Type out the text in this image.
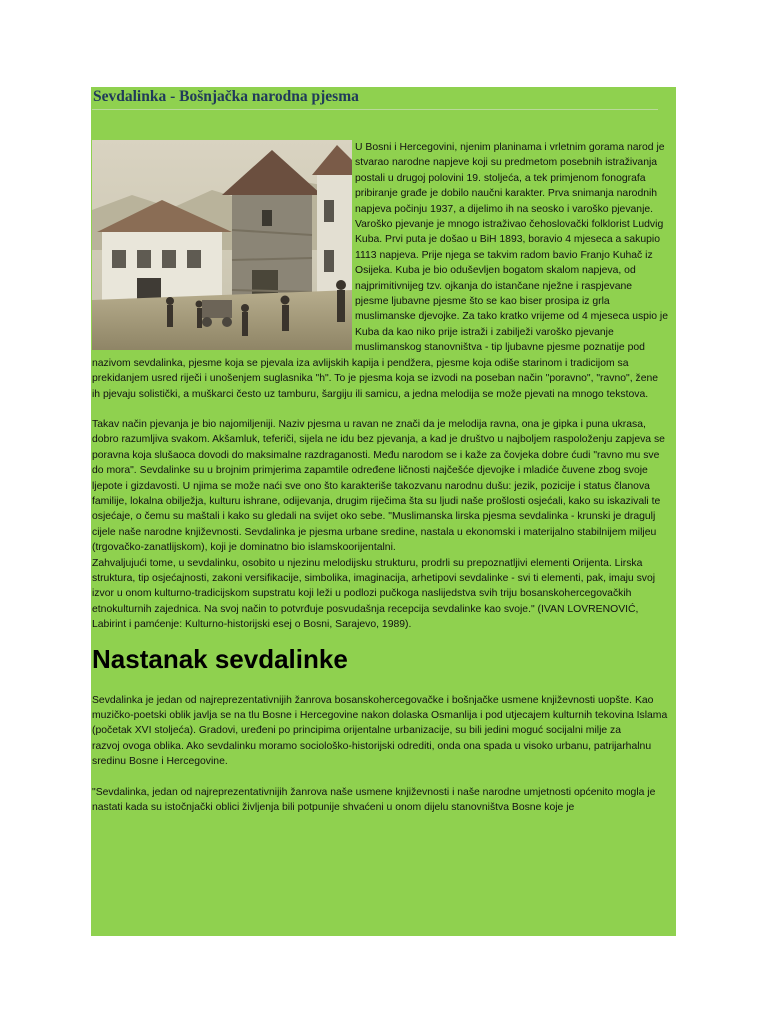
Sevdalinka - Bošnjačka narodna pjesma

U Bosni i Hercegovini, njenim planinama i vrletnim gorama narod je stvarao narodne napjeve koji su predmetom posebnih istraživanja postali u drugoj polovini 19. stoljeća, a tek primjenom fonografa pribiranje građe je dobilo naučni karakter. Prva snimanja narodnih napjeva počinju 1937, a dijelimo ih na seosko i varoško pjevanje. Varoško pjevanje je mnogo istraživao čehoslovački folklorist Ludvig Kuba. Prvi puta je došao u BiH 1893, boravio 4 mjeseca a sakupio 1113 napjeva. Prije njega se takvim radom bavio Franjo Kuhač iz Osijeka. Kuba je bio oduševljen bogatom skalom napjeva, od najprimitivnijeg tzv. ojkanja do istančane nježne i raspjevane pjesme ljubavne pjesme što se kao biser prosipa iz grla muslimanske djevojke. Za tako kratko vrijeme od 4 mjeseca uspio je Kuba da kao niko prije istraži i zabilježi varoško pjevanje muslimanskog stanovništva - tip ljubavne pjesme poznatije pod nazivom sevdalinka, pjesme koja se pjevala iza avlijskih kapija i pendžera, pjesme koja odiše starinom i tradicijom sa prekidanjem usred riječi i unošenjem suglasnika "h". To je pjesma koja se izvodi na poseban način "poravno", "ravno", žene ih pjevaju solistički, a muškarci često uz tamburu, šargiju ili samicu, a jedna melodija se može pjevati na mnogo tekstova.

Takav način pjevanja je bio najomiljeniji. Naziv pjesma u ravan ne znači da je melodija ravna, ona je gipka i puna ukrasa, dobro razumljiva svakom. Akšamluk, teferiči, sijela ne idu bez pjevanja, a kad je društvo u najboljem raspoloženju zapjeva se poravna koja slušaoca dovodi do maksimalne razdraganosti. Među narodom se i kaže za čovjeka dobre ćudi "ravno mu sve do mora". Sevdalinke su u brojnim primjerima zapamtile određene ličnosti najčešće djevojke i mladiće čuvene zbog svoje ljepote i gizdavosti. U njima se može naći sve ono što karakteriše takozvanu narodnu dušu: jezik, pozicije i status članova familije, lokalna obilježja, kulturu ishrane, odijevanja, drugim riječima šta su ljudi naše prošlosti osjećali, kako su iskazivali te osjećaje, o čemu su maštali i kako su gledali na svijet oko sebe. "Muslimanska lirska pjesma sevdalinka - krunski je dragulj cijele naše narodne književnosti. Sevdalinka je pjesma urbane sredine, nastala u ekonomski i materijalno stabilnijem miljeu (trgovačko-zanatlijskom), koji je dominatno bio islamskoorijentalni.

Zahvaljujući tome, u sevdalinku, osobito u njezinu melodijsku strukturu, prodrli su prepoznatljivi elementi Orijenta. Lirska struktura, tip osjećajnosti, zakoni versifikacije, simbolika, imaginacija, arhetipovi sevdalinke - svi ti elementi, pak, imaju svoj izvor u onom kulturno-tradicijskom supstratu koji leži u podlozi pučkoga naslijedstva svih triju bosanskohercegovačkih etnokulturnih zajednica. Na svoj način to potvrđuje posvudašnja recepcija sevdalinke kao svoje." (IVAN LOVRENOVIĆ, Labirint i pamćenje: Kulturno-historijski esej o Bosni, Sarajevo, 1989).

Nastanak sevdalinke

Sevdalinka je jedan od najreprezentativnijih žanrova bosanskohercegovačke i bošnjačke usmene književnosti uopšte. Kao muzičko-poetski oblik javlja se na tlu Bosne i Hercegovine nakon dolaska Osmanlija i pod utjecajem kulturnih tekovina Islama (početak XVI stoljeća). Gradovi, uređeni po principima orijentalne urbanizacije, su bili jedini moguć socijalni milje za

razvoj ovoga oblika. Ako sevdalinku moramo sociološko-historijski odrediti, onda ona spada u visoko urbanu, patrijarhalnu sredinu Bosne i Hercegovine.

"Sevdalinka, jedan od najreprezentativnijih žanrova naše usmene književnosti i naše narodne umjetnosti općenito mogla je nastati kada su istočnjački oblici življenja bili potpunije shvaćeni u onom dijelu stanovništva Bosne koje je
